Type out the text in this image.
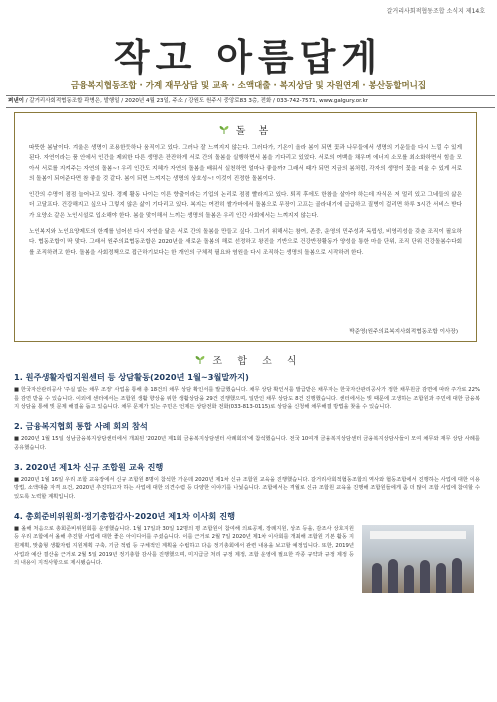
갈거리사회적협동조합 소식지 제14호
작고 아름답게
금융복지협동조합 · 가계 재무상담 및 교육 · 소액대출 · 복지상담 및 자원연계 · 봉산동할머니집
펴낸이 / 갈거리사회적협동조합 곽병은, 발행일 / 2020년 4월 23일, 주소 / 강원도 원주시 중앙로83 3층, 전화 / 033-742-7571, www.galgury.or.kr
돌 봄

따뜻한 봄날이다. 겨울은 생명이 조용한듯하나 움직이고 있다. 그러나 잘 느껴지지 않는다. 그러다가, 기온이 올라 봄이 되면 꽃과 나무들에서 생명의 기운들을 다시 느낄 수 있게 된다. 자연이라는 품 안에서 인간을 제외한 다른 생명은 잔잔하게 서로 간의 돌봄을 실행하면서 봄을 기다리고 있었다. 서로의 여백을 채우며 에너지 소모를 최소화하면서 힘을 모아서 서로를 지켜주는 자연의 돌봄~! 우리 인간도 지혜가 자연의 돌봄을 배워서 실천하면 얼마나 좋을까? 그래서 때가 되면 지금의 봄처럼, 각자의 생명이 꽃을 피울 수 있게 서로의 돌봄이 되어준다면 참 좋을 것 같다. 봄이 되면 느껴지는 생명의 상호성~! 이것이 진정한 돌봄이다.

인간의 수명이 점점 늘어나고 있다. 경제 활동 나이는 이른 향출이라는 기업의 논리로 점점 빨라지고 있다. 퇴직 후에도 한참을 살아야 하는데 자식은 저 멀리 있고 그네들의 삶은 더 고달프다. 건강해지고 싶으나 그렇지 않은 삶이 기다리고 있다. 복지는 여전히 쌀가마에서 돌봄으로 무장이 고프는 골라내기에 급급하고 질병이 걸리면 하루 3시간 서비스 받다가 요양소 같은 노인시설로 입소해야 한다. 봄을 맞이해서 느끼는 생명의 돌봄은 우리 인간 사회에서는 느껴지지 않는다.

노인복지와 노인요양제도의 한계를 넘어선 다시 자연을 닮은 서로 간의 돌봄을 만들고 싶다. 그러기 위해서는 참여, 존중, 운영의 민주성과 독립성, 비영리성을 갖춘 조직이 필요하다. 협동조합이 딱 맞다. 그래서 원주의료협동조합은 2020년을 새로운 돌봄의 해로 선정하고 왕진을 기반으로 건강반장활동가 양성을 통한 마을 단위, 조직 단위 건강돌봄수다회를 조직하려고 한다. 돌봄을 사회정책으로 접근하기보다는 한 개인의 구체적 필요와 염원을 다시 조직하는 생명의 돌봄으로 시작하려 한다.

박준영(원주의료복지사회적협동조합 이사장)
조 합 소 식
1. 원주생활자립지원센터 등 상담활동(2020년 1월~3월말까지)
■ 한국자산관리공사 '주실 없는 채무 조정' 사업을 통해 총 18건의 채무 상담 확인서를 발급했습니다. 채무 상담 확인서를 발급받은 채무자는 한국자산관리공사가 정한 채무원금 감면에 따라 주가로 22%를 감면 받을 수 있습니다. 이외에 센터에서는 조합원 생활 향상을 위한 생활상담을 29건 진행했으며, 일반인 채무 상담도 8건 진행했습니다. 센터에서는 빚 때문에 고생하는 조합원과 주민에 대한 금융복지 상담을 통해 빚 문제 해결을 돕고 있습니다. 채무 문제가 있는 주민은 언제든 상담전화 전화(033-813-0115)로 상담을 신청해 채무해결 방법을 찾을 수 있습니다.
2. 금융복지협회 통합 사례 회의 참석
■ 2020년 1월 15일 성남금융복지상담센터에서 개최된 '2020년 제1회 금융복지상담센터 사례회의'에 참석했습니다. 전국 10여개 금융복지상담센터 금융복지상담사들이 모여 채무와 재무 상담 사례를 공유했습니다.
3. 2020년 제1차 신규 조합원 교육 진행
■ 2020년 1월 16일 우리 조합 교육장에서 신규 조합원 8명이 참석한 가운데 2020년 제1차 신규 조합원 교육을 진행했습니다. 갈거리사회적협동조합의 역사와 협동조합에서 진행하는 사업에 대한 이용방법, 소액대출 자격 요건, 2020년 추진하고자 하는 사업에 대한 의견수렴 등 다양한 이야기를 나눴습니다. 조합에서는 격월로 신규 조합원 교육을 진행해 조합원들에게 좀 더 많이 조합 사업에 참여할 수 있도록 노력할 계획입니다.
4. 총회준비위원회·정기총합감사·2020년 제1차 이사회 진행
■ 올해 처음으로 총회준비위원회를 운영했습니다. 1월 17일과 30일 12명의 평 조합원이 참여해 의료공제, 장례지원, 상조 등을, 감조사 상호지원 등 우리 조합에서 올해 추진할 사업에 대한 좋은 아이디어를 주셨습니다. 이를 근거로 2월 7일 2020년 제1차 이사회를 개최해 조합원 기본 활동 지원계획, 맞춤형 생활자립 지원계획 구축, 기금 적립 등 구체적인 계획을 수립하고 다음 정기총회에서 관련 내용을 보고할 예정입니다. 또한, 2019년 사업과 예산 결산을 근거로 2월 5일 2019년 정기총합 감사를 진행했으며, 미지급금 처리 규정 제정, 조합 운영에 필요한 각종 규약과 규정 제정 등의 내용이 지적사항으로 제시됐습니다.
